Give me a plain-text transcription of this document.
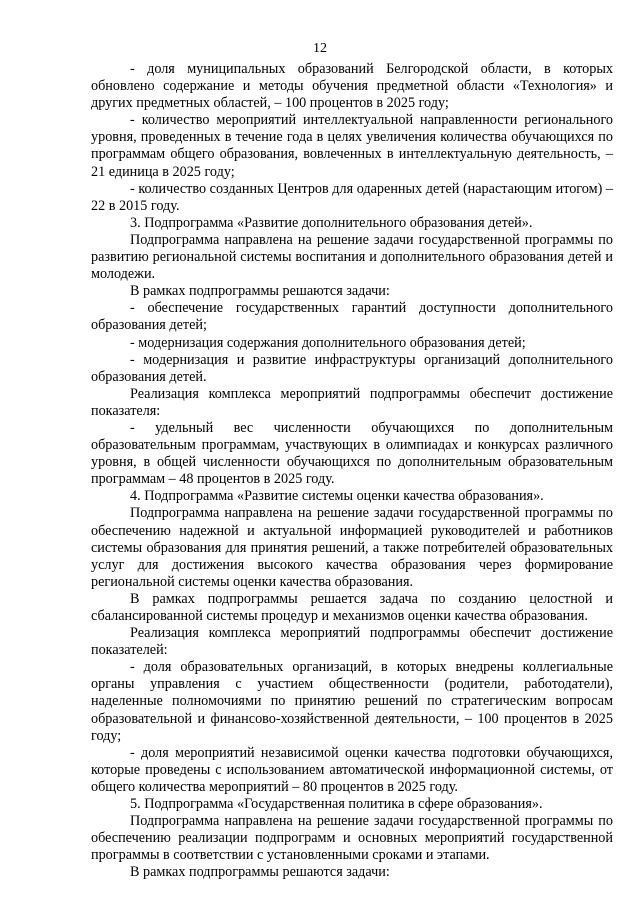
12

- доля муниципальных образований Белгородской области, в которых обновлено содержание и методы обучения предметной области «Технология» и других предметных областей, – 100 процентов в 2025 году;

- количество мероприятий интеллектуальной направленности регионального уровня, проведенных в течение года в целях увеличения количества обучающихся по программам общего образования, вовлеченных в интеллектуальную деятельность, – 21 единица в 2025 году;

- количество созданных Центров для одаренных детей (нарастающим итогом) – 22 в 2015 году.

3. Подпрограмма «Развитие дополнительного образования детей».

Подпрограмма направлена на решение задачи государственной программы по развитию региональной системы воспитания и дополнительного образования детей и молодежи.

В рамках подпрограммы решаются задачи:

- обеспечение государственных гарантий доступности дополнительного образования детей;

- модернизация содержания дополнительного образования детей;

- модернизация и развитие инфраструктуры организаций дополнительного образования детей.

Реализация комплекса мероприятий подпрограммы обеспечит достижение показателя:

- удельный вес численности обучающихся по дополнительным образовательным программам, участвующих в олимпиадах и конкурсах различного уровня, в общей численности обучающихся по дополнительным образовательным программам – 48 процентов в 2025 году.

4. Подпрограмма «Развитие системы оценки качества образования».

Подпрограмма направлена на решение задачи государственной программы по обеспечению надежной и актуальной информацией руководителей и работников системы образования для принятия решений, а также потребителей образовательных услуг для достижения высокого качества образования через формирование региональной системы оценки качества образования.

В рамках подпрограммы решается задача по созданию целостной и сбалансированной системы процедур и механизмов оценки качества образования.

Реализация комплекса мероприятий подпрограммы обеспечит достижение показателей:

- доля образовательных организаций, в которых внедрены коллегиальные органы управления с участием общественности (родители, работодатели), наделенные полномочиями по принятию решений по стратегическим вопросам образовательной и финансово-хозяйственной деятельности, – 100 процентов в 2025 году;

- доля мероприятий независимой оценки качества подготовки обучающихся, которые проведены с использованием автоматической информационной системы, от общего количества мероприятий – 80 процентов в 2025 году.

5. Подпрограмма «Государственная политика в сфере образования».

Подпрограмма направлена на решение задачи государственной программы по обеспечению реализации подпрограмм и основных мероприятий государственной программы в соответствии с установленными сроками и этапами.

В рамках подпрограммы решаются задачи:
